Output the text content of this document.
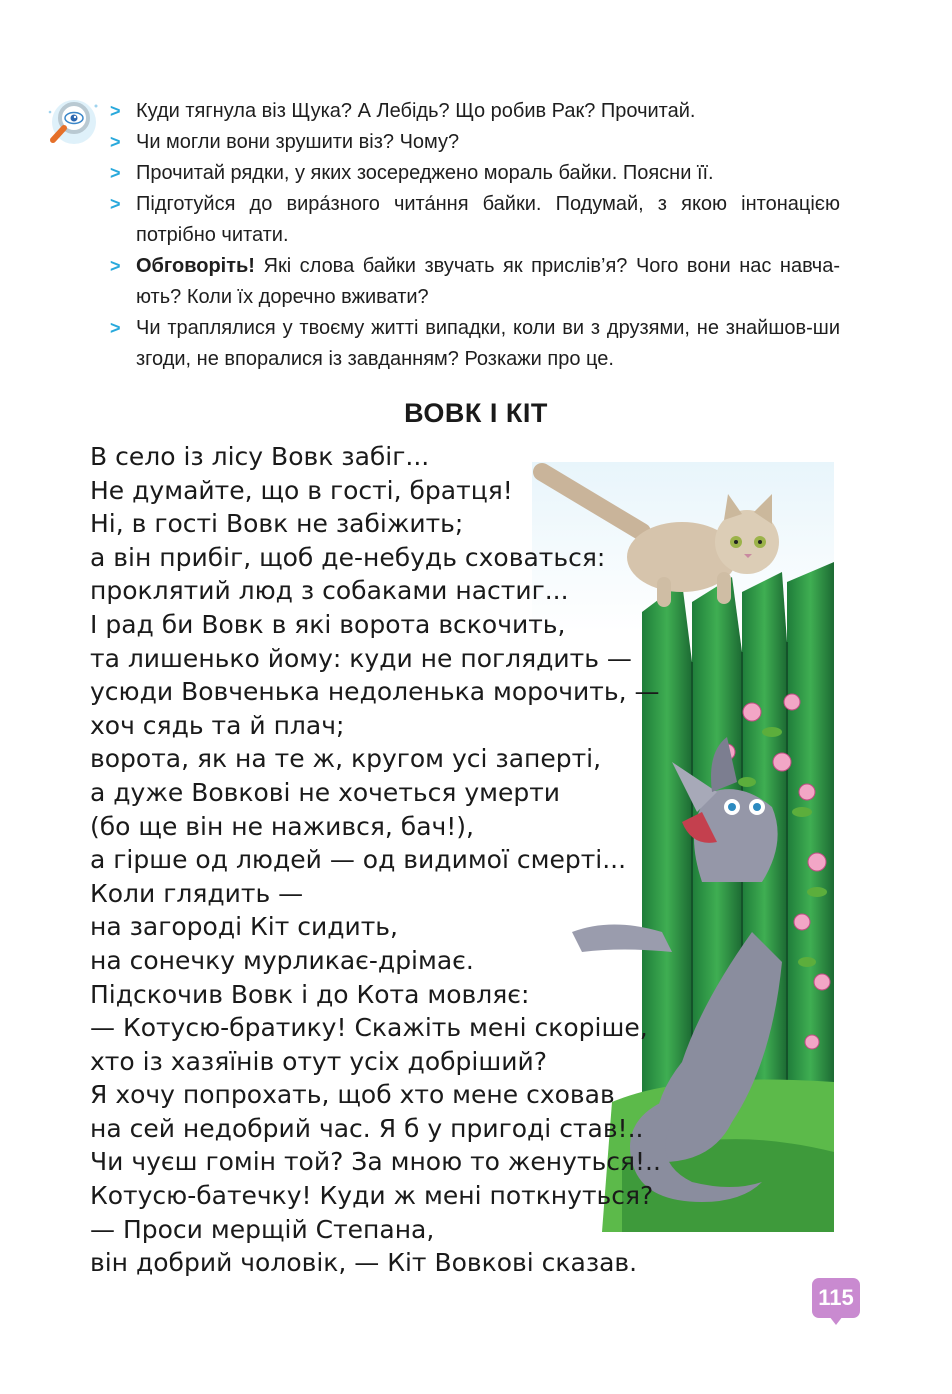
> Куди тягнула віз Щука? А Лебідь? Що робив Рак? Прочитай.
> Чи могли вони зрушити віз? Чому?
> Прочитай рядки, у яких зосереджено мораль байки. Поясни її.
> Підготуйся до вира́зного чита́ння байки. Подумай, з якою інтонацією потрібно читати.
> Обговоріть! Які слова байки звучать як прислів’я? Чого вони нас навча-ють? Коли їх доречно вживати?
> Чи траплялися у твоєму житті випадки, коли ви з друзями, не знайшов-ши згоди, не впоралися із завданням? Розкажи про це.
ВОВК І КІТ
В село із лісу Вовк забіг...
Не думайте, що в гості, братця!
Ні, в гості Вовк не забіжить;
а він прибіг, щоб де-небудь сховаться:
проклятий люд з собаками настиг...
І рад би Вовк в які ворота вскочить,
та лишенько йому: куди не поглядить —
усюди Вовченька недоленька морочить, —
хоч сядь та й плач;
ворота, як на те ж, кругом усі заперті,
а дуже Вовкові не хочеться умерти
(бо ще він не нажився, бач!),
а гірше од людей — од видимої смерті...
Коли глядить —
на загороді Кіт сидить,
на сонечку мурликає-дрімає.
Підскочив Вовк і до Кота мовляє:
— Котусю-братику! Скажіть мені скоріше,
хто із хазяїнів отут усіх добріший?
Я хочу попрохать, щоб хто мене сховав
на сей недобрий час. Я б у пригоді став!..
Чи чуєш гомін той? За мною то женуться!..
Котусю-батечку! Куди ж мені поткнуться?
— Проси мерщій Степана,
він добрий чоловік, — Кіт Вовкові сказав.
115
